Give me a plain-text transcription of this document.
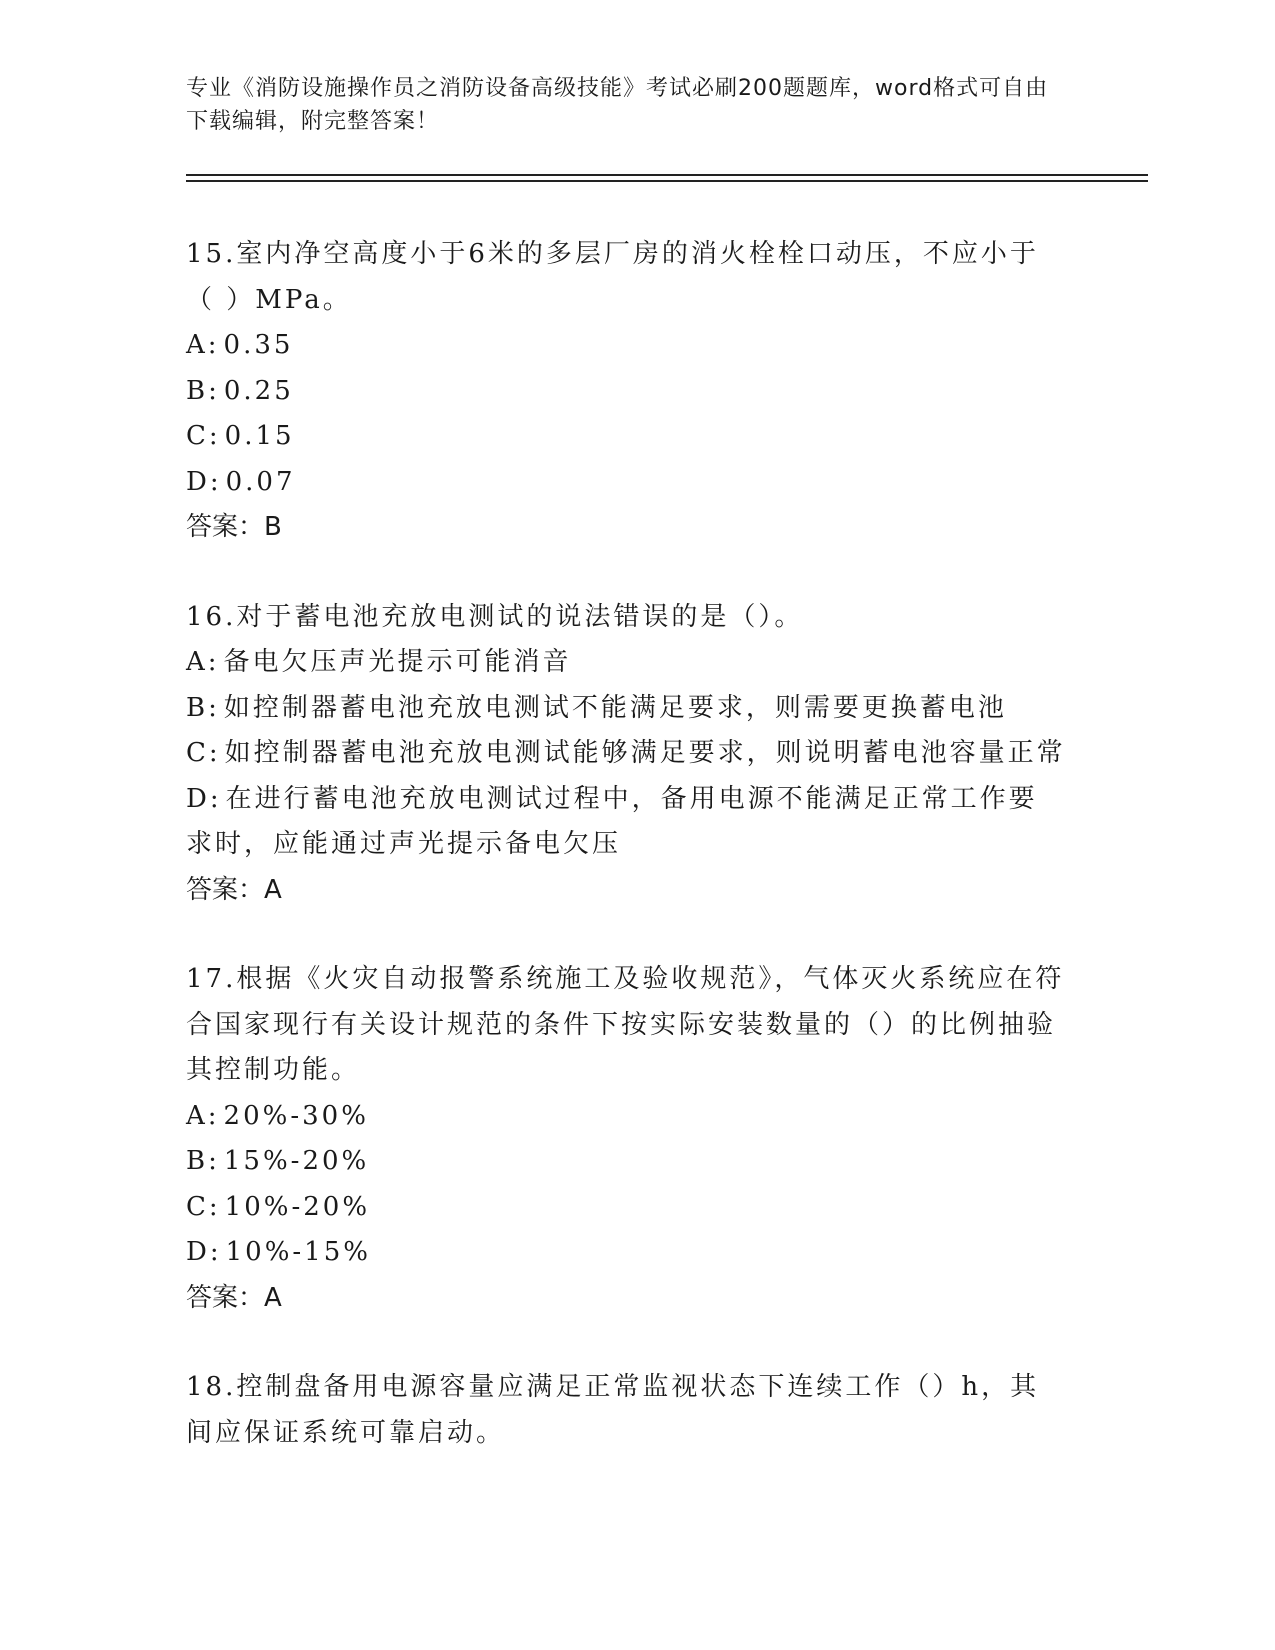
专业《消防设施操作员之消防设备高级技能》考试必刷200题题库，word格式可自由下载编辑，附完整答案！

15.室内净空高度小于6米的多层厂房的消火栓栓口动压，不应小于（ ）MPa。

A: 0.35

B: 0.25

C: 0.15

D: 0.07

答案：B

16.对于蓄电池充放电测试的说法错误的是（）。

A: 备电欠压声光提示可能消音

B: 如控制器蓄电池充放电测试不能满足要求，则需要更换蓄电池

C: 如控制器蓄电池充放电测试能够满足要求，则说明蓄电池容量正常

D: 在进行蓄电池充放电测试过程中，备用电源不能满足正常工作要求时，应能通过声光提示备电欠压

答案：A

17.根据《火灾自动报警系统施工及验收规范》，气体灭火系统应在符合国家现行有关设计规范的条件下按实际安装数量的（）的比例抽验其控制功能。

A: 20%-30%

B: 15%-20%

C: 10%-20%

D: 10%-15%

答案：A

18.控制盘备用电源容量应满足正常监视状态下连续工作（）h，其间应保证系统可靠启动。
